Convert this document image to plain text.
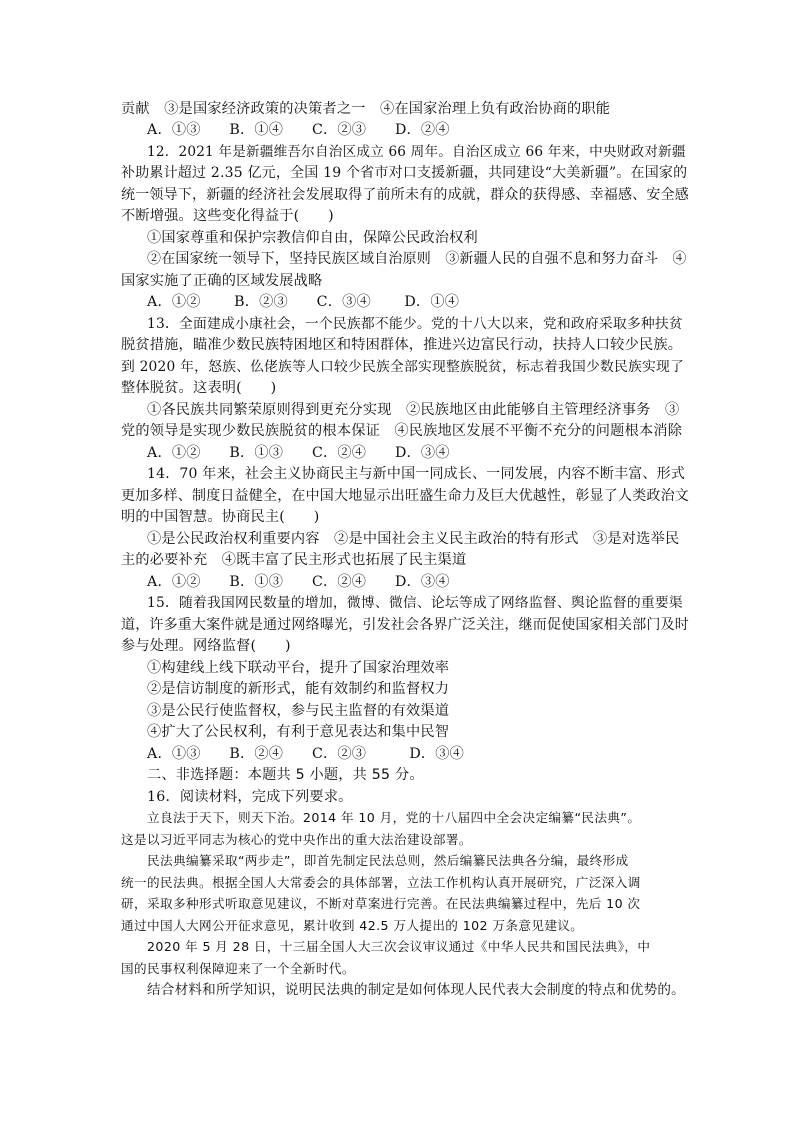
贡献　③是国家经济政策的决策者之一　④在国家治理上负有政治协商的职能
A．①③　　B．①④　　C．②③　　D．②④
12．2021 年是新疆维吾尔自治区成立 66 周年。自治区成立 66 年来，中央财政对新疆
补助累计超过 2.35 亿元，全国 19 个省市对口支援新疆，共同建设“大美新疆”。在国家的
统一领导下，新疆的经济社会发展取得了前所未有的成就，群众的获得感、幸福感、安全感
不断增强。这些变化得益于(　　)
①国家尊重和保护宗教信仰自由，保障公民政治权利
②在国家统一领导下，坚持民族区域自治原则　③新疆人民的自强不息和努力奋斗　④
国家实施了正确的区域发展战略
A．①②　　 B．②③　　C．③④　　 D．①④
13．全面建成小康社会，一个民族都不能少。党的十八大以来，党和政府采取多种扶贫
脱贫措施，瞄准少数民族特困地区和特困群体，推进兴边富民行动，扶持人口较少民族。
到 2020 年，怒族、仫佬族等人口较少民族全部实现整族脱贫，标志着我国少数民族实现了
整体脱贫。这表明(　　)
①各民族共同繁荣原则得到更充分实现　②民族地区由此能够自主管理经济事务　③
党的领导是实现少数民族脱贫的根本保证　④民族地区发展不平衡不充分的问题根本消除
A．①②　　B．①③　　C．②④　　D．③④
14．70 年来，社会主义协商民主与新中国一同成长、一同发展，内容不断丰富、形式
更加多样、制度日益健全，在中国大地显示出旺盛生命力及巨大优越性，彰显了人类政治文
明的中国智慧。协商民主(　　)
①是公民政治权利重要内容　②是中国社会主义民主政治的特有形式　③是对选举民
主的必要补充　④既丰富了民主形式也拓展了民主渠道
A．①②　　B．①③　　C．②④　　D．③④
15．随着我国网民数量的增加，微博、微信、论坛等成了网络监督、舆论监督的重要渠
道，许多重大案件就是通过网络曝光，引发社会各界广泛关注，继而促使国家相关部门及时
参与处理。网络监督(　　)
①构建线上线下联动平台，提升了国家治理效率
②是信访制度的新形式，能有效制约和监督权力
③是公民行使监督权，参与民主监督的有效渠道
④扩大了公民权利，有利于意见表达和集中民智
A．①③　　B．②④　　C．②③　　　D．③④
二、非选择题：本题共 5 小题，共 55 分。
16．阅读材料，完成下列要求。
立良法于天下，则天下治。2014 年 10 月，党的十八届四中全会决定编纂“民法典”。
这是以习近平同志为核心的党中央作出的重大法治建设部署。
民法典编纂采取“两步走”，即首先制定民法总则，然后编纂民法典各分编，最终形成
统一的民法典。根据全国人大常委会的具体部署，立法工作机构认真开展研究，广泛深入调
研，采取多种形式听取意见建议，不断对草案进行完善。在民法典编纂过程中，先后 10 次
通过中国人大网公开征求意见，累计收到 42.5 万人提出的 102 万条意见建议。
2020 年 5 月 28 日，十三届全国人大三次会议审议通过《中华人民共和国民法典》，中
国的民事权利保障迎来了一个全新时代。
结合材料和所学知识，说明民法典的制定是如何体现人民代表大会制度的特点和优势的。
